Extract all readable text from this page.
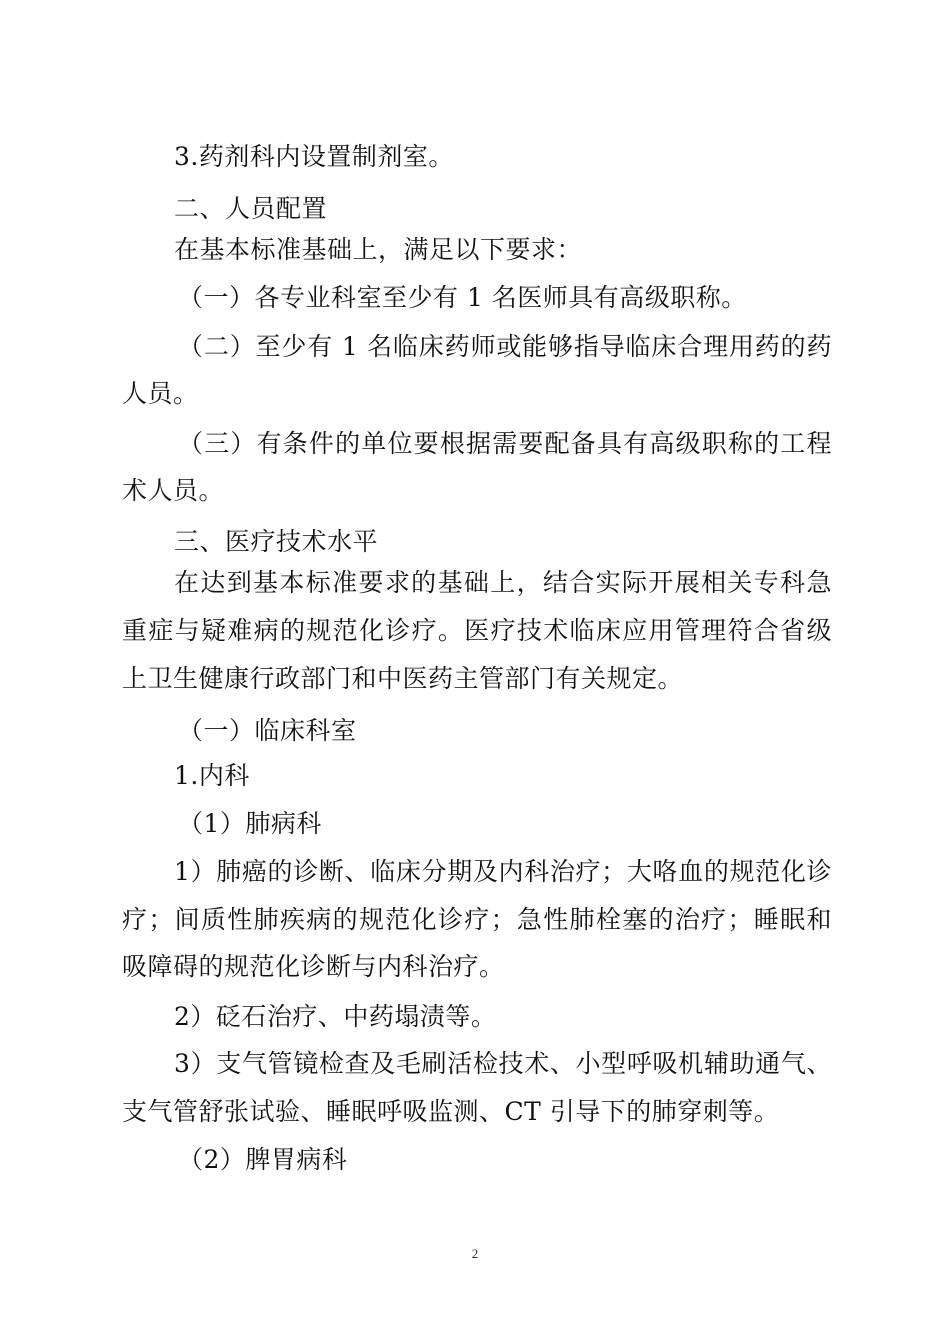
3.药剂科内设置制剂室。
二、人员配置
在基本标准基础上，满足以下要求：
（一）各专业科室至少有 1 名医师具有高级职称。
（二）至少有 1 名临床药师或能够指导临床合理用药的药
人员。
（三）有条件的单位要根据需要配备具有高级职称的工程
术人员。
三、医疗技术水平
在达到基本标准要求的基础上，结合实际开展相关专科急
重症与疑难病的规范化诊疗。医疗技术临床应用管理符合省级
上卫生健康行政部门和中医药主管部门有关规定。
（一）临床科室
1.内科
（1）肺病科
1）肺癌的诊断、临床分期及内科治疗；大咯血的规范化诊
疗；间质性肺疾病的规范化诊疗；急性肺栓塞的治疗；睡眠和
吸障碍的规范化诊断与内科治疗。
2）砭石治疗、中药塌渍等。
3）支气管镜检查及毛刷活检技术、小型呼吸机辅助通气、
支气管舒张试验、睡眠呼吸监测、CT 引导下的肺穿刺等。
（2）脾胃病科
2
